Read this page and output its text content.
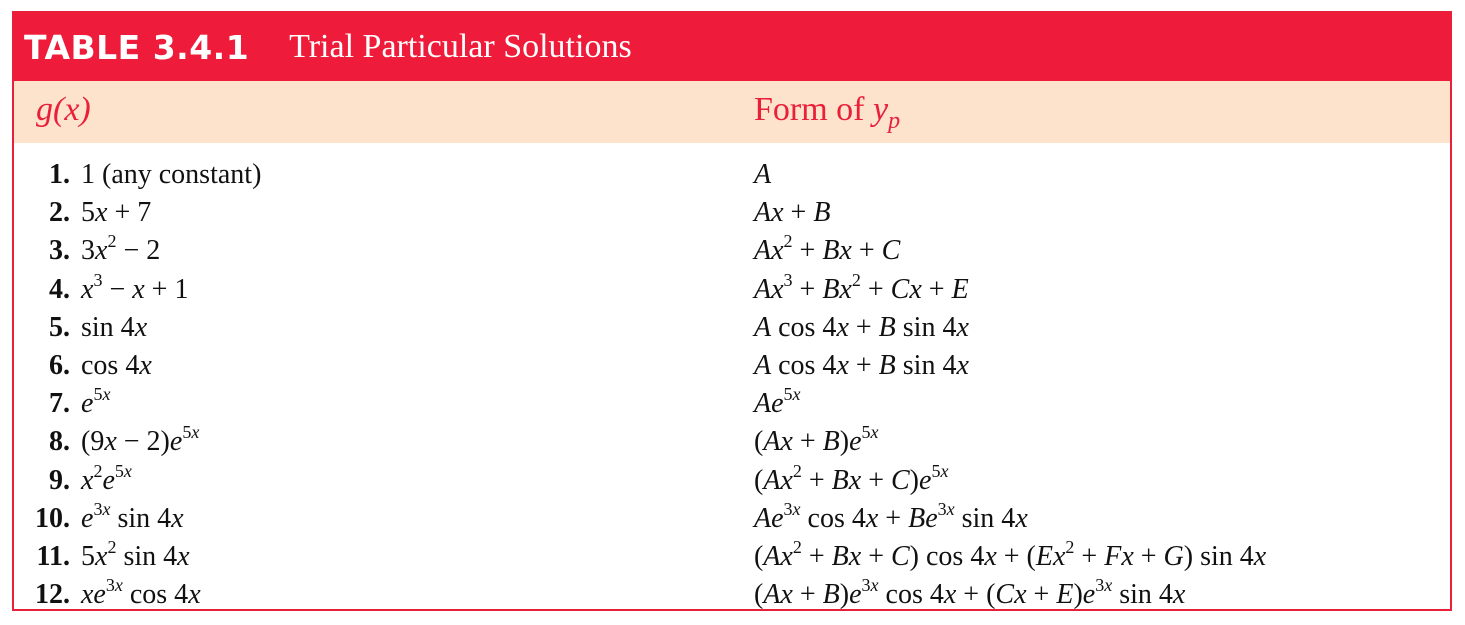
TABLE 3.4.1 Trial Particular Solutions
g(x)	Form of $y_p$
1. 1 (any constant)	A
2. 5x + 7	Ax + B
3. $3x^2 - 2$	$Ax^2 + Bx + C$
4. $x^3 - x + 1$	$Ax^3 + Bx^2 + Cx + E$
5. sin 4x	A cos 4x + B sin 4x
6. cos 4x	A cos 4x + B sin 4x
7. $e^{5x}$	$Ae^{5x}$
8. $(9x - 2)e^{5x}$	$(Ax + B)e^{5x}$
9. $x^2e^{5x}$	$(Ax^2 + Bx + C)e^{5x}$
10. $e^{3x}$ sin 4x	$Ae^{3x}$ $\cos 4x + Be^{3x}$ sin 4x
11. $5x^2$ sin 4x	$(Ax^2 + Bx + C)$ $\cos 4x + (Ex^2 + Fx + G)$ sin 4x
12. $xe^{3x}$ cos 4x	$(Ax + B)e^{3x}$ $\cos 4x + (Cx + E)e^{3x}$ sin 4x
